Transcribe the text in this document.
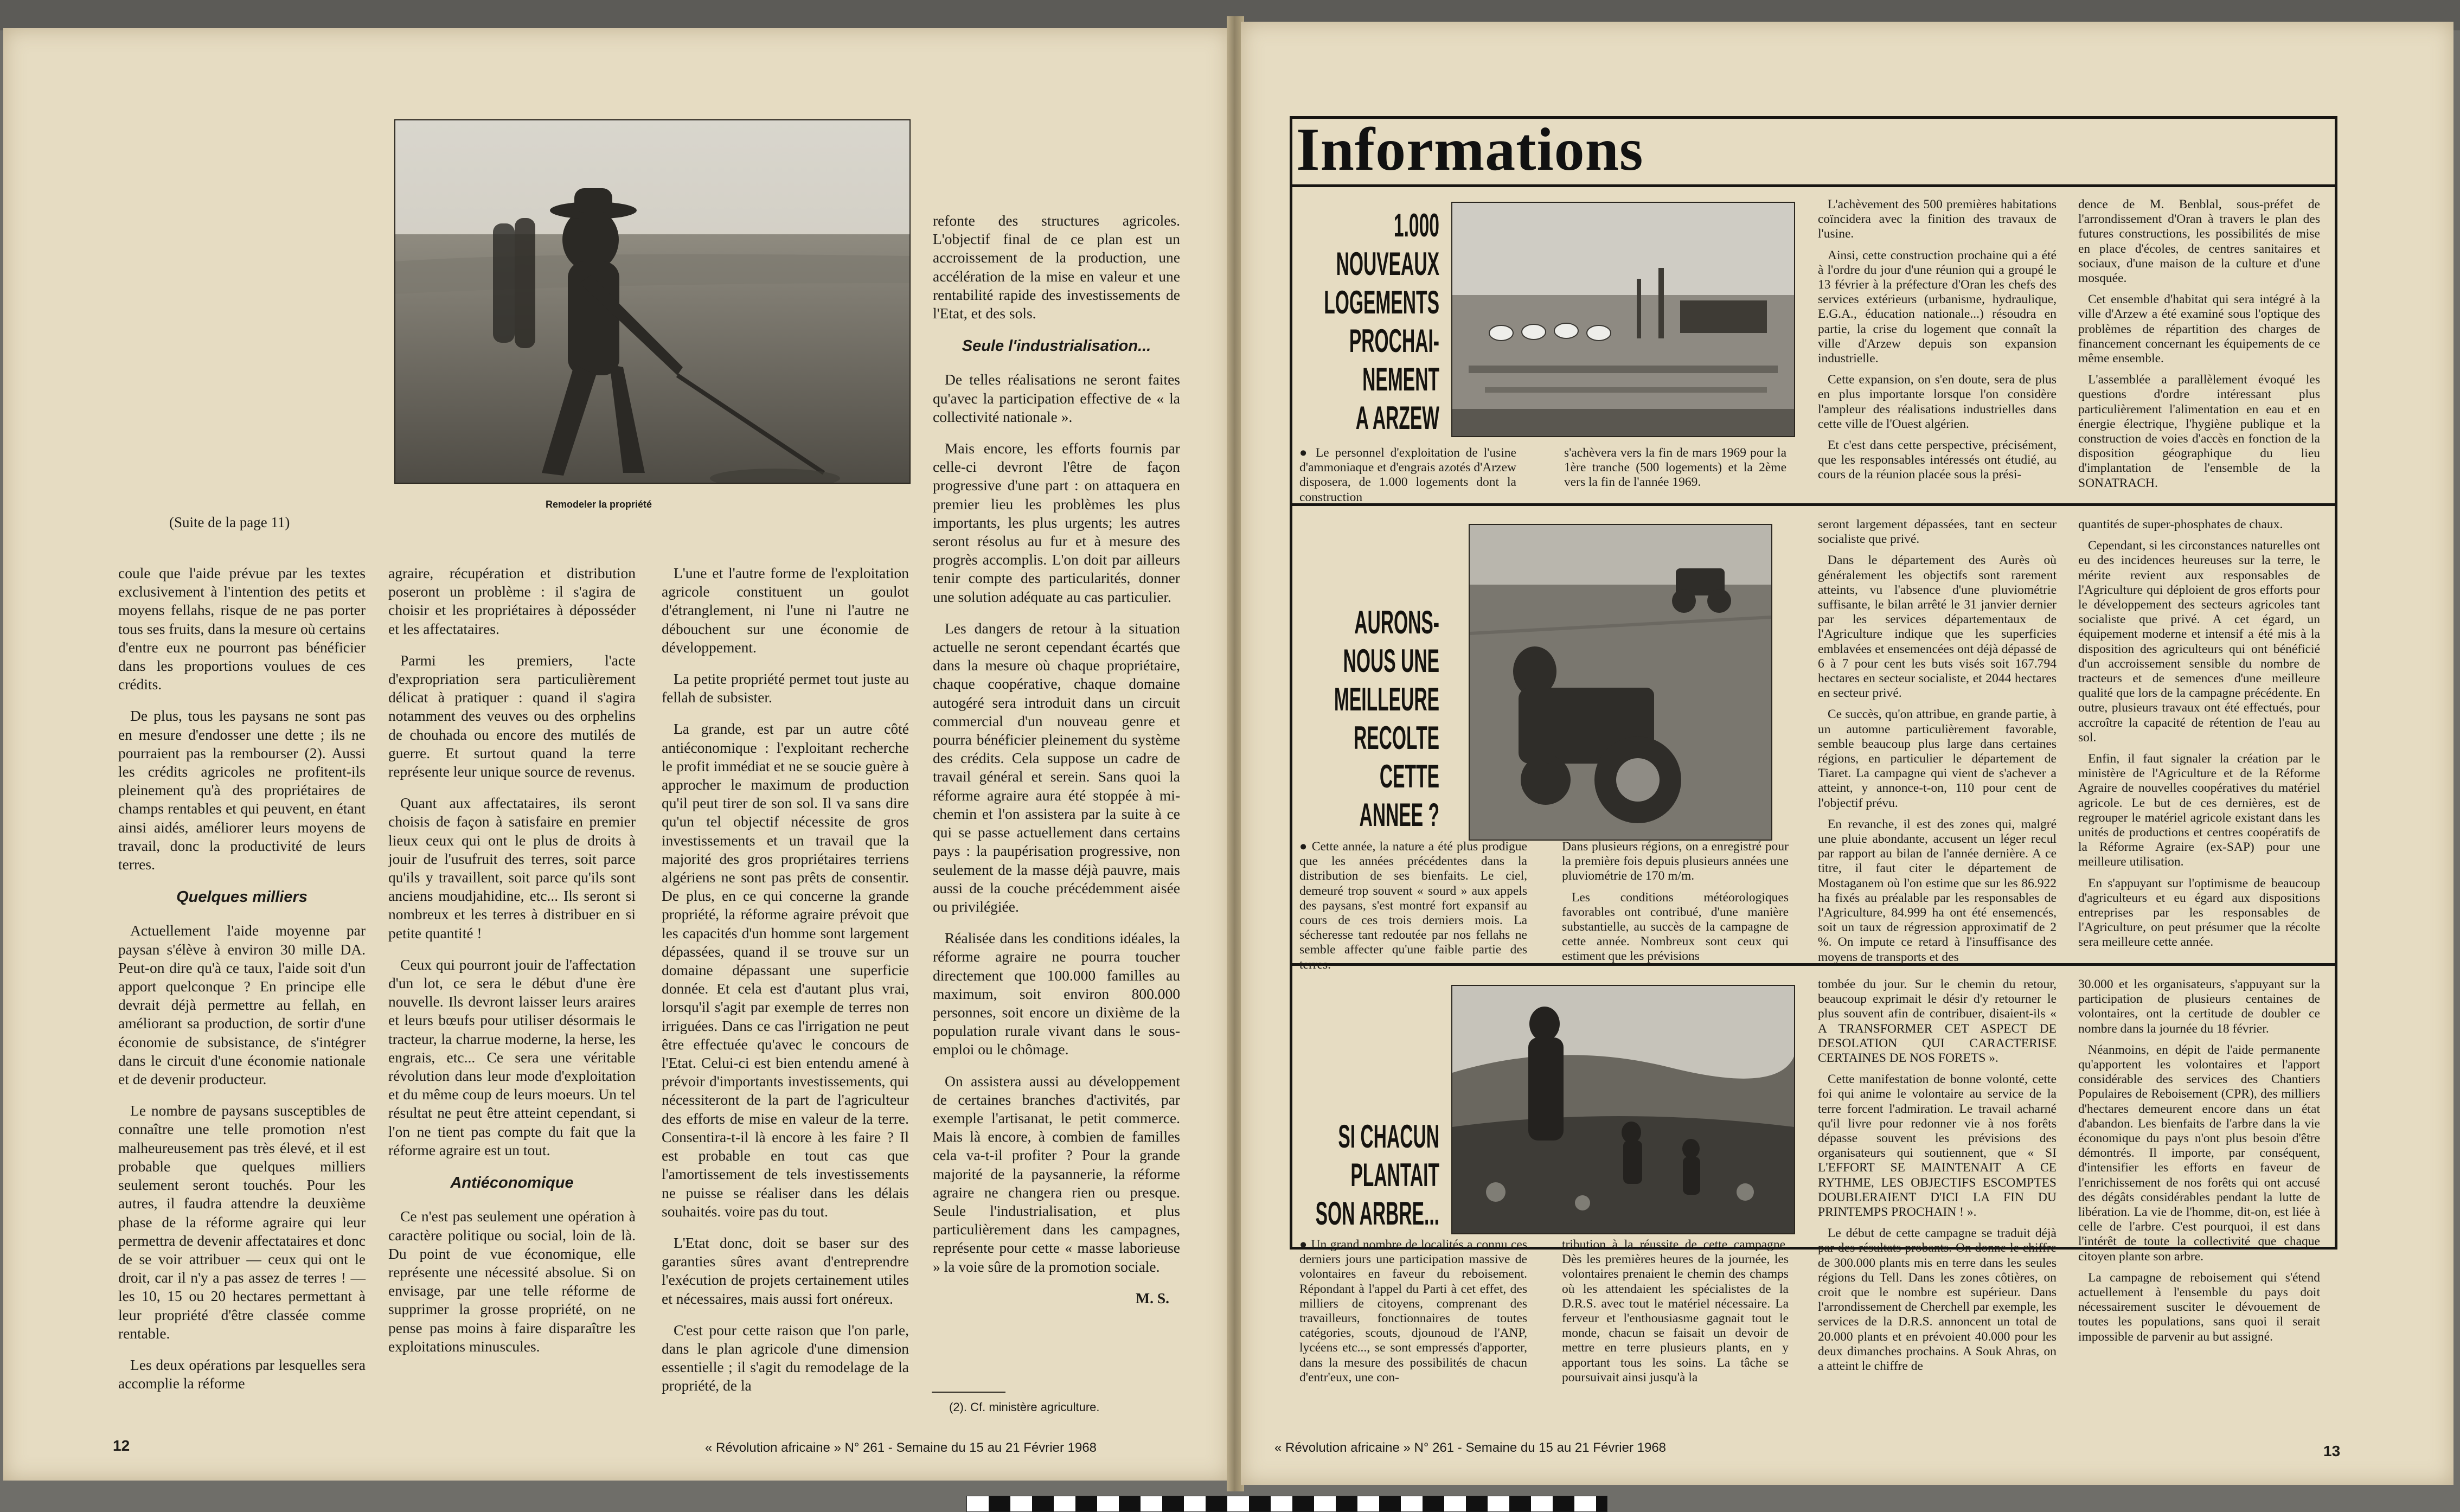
Remodeler la propriété
(Suite de la page 11)

coule que l'aide prévue par les textes exclusivement à l'intention des petits et moyens fellahs, risque de ne pas porter tous ses fruits, dans la mesure où certains d'entre eux ne pourront pas bénéficier dans les proportions voulues de ces crédits.

De plus, tous les paysans ne sont pas en mesure d'endosser une dette ; ils ne pourraient pas la rembourser (2). Aussi les crédits agricoles ne profitent-ils pleinement qu'à des propriétaires de champs rentables et qui peuvent, en étant ainsi aidés, améliorer leurs moyens de travail, donc la productivité de leurs terres.

Quelques milliers

Actuellement l'aide moyenne par paysan s'élève à environ 30 mille DA. Peut-on dire qu'à ce taux, l'aide soit d'un apport quelconque ? En principe elle devrait déjà permettre au fellah, en améliorant sa production, de sortir d'une économie de subsistance, de s'intégrer dans le circuit d'une économie nationale et de devenir producteur.

Le nombre de paysans susceptibles de connaître une telle promotion n'est malheureusement pas très élevé, et il est probable que quelques milliers seulement seront touchés. Pour les autres, il faudra attendre la deuxième phase de la réforme agraire qui leur permettra de devenir affectataires et donc de se voir attribuer — ceux qui ont le droit, car il n'y a pas assez de terres ! — les 10, 15 ou 20 hectares permettant à leur propriété d'être classée comme rentable.

Les deux opérations par lesquelles sera accomplie la réforme

agraire, récupération et distribution poseront un problème : il s'agira de choisir et les propriétaires à déposséder et les affectataires.

Parmi les premiers, l'acte d'expropriation sera particulièrement délicat à pratiquer : quand il s'agira notamment des veuves ou des orphelins de chouhada ou encore des mutilés de guerre. Et surtout quand la terre représente leur unique source de revenus.

Quant aux affectataires, ils seront choisis de façon à satisfaire en premier lieux ceux qui ont le plus de droits à jouir de l'usufruit des terres, soit parce qu'ils y travaillent, soit parce qu'ils sont anciens moudjahidine, etc... Ils seront si nombreux et les terres à distribuer en si petite quantité !

Ceux qui pourront jouir de l'affectation d'un lot, ce sera le début d'une ère nouvelle. Ils devront laisser leurs araires et leurs bœufs pour utiliser désormais le tracteur, la charrue moderne, la herse, les engrais, etc... Ce sera une véritable révolution dans leur mode d'exploitation et du même coup de leurs moeurs. Un tel résultat ne peut être atteint cependant, si l'on ne tient pas compte du fait que la réforme agraire est un tout.

Antiéconomique

Ce n'est pas seulement une opération à caractère politique ou social, loin de là. Du point de vue économique, elle représente une nécessité absolue. Si on envisage, par une telle réforme de supprimer la grosse propriété, on ne pense pas moins à faire disparaître les exploitations minuscules.

L'une et l'autre forme de l'exploitation agricole constituent un goulot d'étranglement, ni l'une ni l'autre ne débouchent sur une économie de développement.

La petite propriété permet tout juste au fellah de subsister.

La grande, est par un autre côté antiéconomique : l'exploitant recherche le profit immédiat et ne se soucie guère à approcher le maximum de production qu'il peut tirer de son sol. Il va sans dire qu'un tel objectif nécessite de gros investissements et un travail que la majorité des gros propriétaires terriens algériens ne sont pas prêts de consentir. De plus, en ce qui concerne la grande propriété, la réforme agraire prévoit que les capacités d'un homme sont largement dépassées, quand il se trouve sur un domaine dépassant une superficie donnée. Et cela est d'autant plus vrai, lorsqu'il s'agit par exemple de terres non irriguées. Dans ce cas l'irrigation ne peut être effectuée qu'avec le concours de l'Etat. Celui-ci est bien entendu amené à prévoir d'importants investissements, qui nécessiteront de la part de l'agriculteur des efforts de mise en valeur de la terre. Consentira-t-il là encore à les faire ? Il est probable en tout cas que l'amortissement de tels investissements ne puisse se réaliser dans les délais souhaités. voire pas du tout.

L'Etat donc, doit se baser sur des garanties sûres avant d'entreprendre l'exécution de projets certainement utiles et nécessaires, mais aussi fort onéreux.

C'est pour cette raison que l'on parle, dans le plan agricole d'une dimension essentielle ; il s'agit du remodelage de la propriété, de la

refonte des structures agricoles. L'objectif final de ce plan est un accroissement de la production, une accélération de la mise en valeur et une rentabilité rapide des investissements de l'Etat, et des sols.

Seule l'industrialisation...

De telles réalisations ne seront faites qu'avec la participation effective de « la collectivité nationale ».

Mais encore, les efforts fournis par celle-ci devront l'être de façon progressive d'une part : on attaquera en premier lieu les problèmes les plus importants, les plus urgents; les autres seront résolus au fur et à mesure des progrès accomplis. L'on doit par ailleurs tenir compte des particularités, donner une solution adéquate au cas particulier.

Les dangers de retour à la situation actuelle ne seront cependant écartés que dans la mesure où chaque propriétaire, chaque coopérative, chaque domaine autogéré sera introduit dans un circuit commercial d'un nouveau genre et pourra bénéficier pleinement du système des crédits. Cela suppose un cadre de travail général et serein. Sans quoi la réforme agraire aura été stoppée à mi-chemin et l'on assistera par la suite à ce qui se passe actuellement dans certains pays : la paupérisation progressive, non seulement de la masse déjà pauvre, mais aussi de la couche précédemment aisée ou privilégiée.

Réalisée dans les conditions idéales, la réforme agraire ne pourra toucher directement que 100.000 familles au maximum, soit environ 800.000 personnes, soit encore un dixième de la population rurale vivant dans le sous-emploi ou le chômage.

On assistera aussi au développement de certaines branches d'activités, par exemple l'artisanat, le petit commerce. Mais là encore, à combien de familles cela va-t-il profiter ? Pour la grande majorité de la paysannerie, la réforme agraire ne changera rien ou presque. Seule l'industrialisation, et plus particulièrement dans les campagnes, représente pour cette « masse laborieuse » la voie sûre de la promotion sociale.

M. S.
(2). Cf. ministère agriculture.
12	« Révolution africaine » N° 261 - Semaine du 15 au 21 Février 1968
Informations
1.000
NOUVEAUX
LOGEMENTS
PROCHAI-
NEMENT
A ARZEW
● Le personnel d'exploitation de l'usine d'ammoniaque et d'engrais azotés d'Arzew disposera, de 1.000 logements dont la construction
s'achèvera vers la fin de mars 1969 pour la 1ère tranche (500 logements) et la 2ème vers la fin de l'année 1969.

L'achèvement des 500 premières habitations coïncidera avec la finition des travaux de l'usine.

Ainsi, cette construction prochaine qui a été à l'ordre du jour d'une réunion qui a groupé le 13 février à la préfecture d'Oran les chefs des services extérieurs (urbanisme, hydraulique, E.G.A., éducation nationale...) résoudra en partie, la crise du logement que connaît la ville d'Arzew depuis son expansion industrielle.

Cette expansion, on s'en doute, sera de plus en plus importante lorsque l'on considère l'ampleur des réalisations industrielles dans cette ville de l'Ouest algérien.

Et c'est dans cette perspective, précisément, que les responsables intéressés ont étudié, au cours de la réunion placée sous la prési-

dence de M. Benblal, sous-préfet de l'arrondissement d'Oran à travers le plan des futures constructions, les possibilités de mise en place d'écoles, de centres sanitaires et sociaux, d'une maison de la culture et d'une mosquée.

Cet ensemble d'habitat qui sera intégré à la ville d'Arzew a été examiné sous l'optique des problèmes de répartition des charges de financement concernant les équipements de ce même ensemble.

L'assemblée a parallèlement évoqué les questions d'ordre intéressant plus particulièrement l'alimentation en eau et en énergie électrique, l'hygiène publique et la construction de voies d'accès en fonction de la disposition géographique du lieu d'implantation de l'ensemble de la SONATRACH.

AURONS-
NOUS UNE
MEILLEURE
RECOLTE
CETTE
ANNEE ?
● Cette année, la nature a été plus prodigue que les années précédentes dans la distribution de ses bienfaits. Le ciel, demeuré trop souvent « sourd » aux appels des paysans, s'est montré fort expansif au cours de ces trois derniers mois. La sécheresse tant redoutée par nos fellahs ne semble affecter qu'une faible partie des terres.

Dans plusieurs régions, on a enregistré pour la première fois depuis plusieurs années une pluviométrie de 170 m/m.

Les conditions météorologiques favorables ont contribué, d'une manière substantielle, au succès de la campagne de cette année. Nombreux sont ceux qui estiment que les prévisions

seront largement dépassées, tant en secteur socialiste que privé.

Dans le département des Aurès où généralement les objectifs sont rarement atteints, vu l'absence d'une pluviométrie suffisante, le bilan arrêté le 31 janvier dernier par les services départementaux de l'Agriculture indique que les superficies emblavées et ensemencées ont déjà dépassé de 6 à 7 pour cent les buts visés soit 167.794 hectares en secteur socialiste, et 2044 hectares en secteur privé.

Ce succès, qu'on attribue, en grande partie, à un automne particulièrement favorable, semble beaucoup plus large dans certaines régions, en particulier le département de Tiaret. La campagne qui vient de s'achever a atteint, y annonce-t-on, 110 pour cent de l'objectif prévu.

En revanche, il est des zones qui, malgré une pluie abondante, accusent un léger recul par rapport au bilan de l'année dernière. A ce titre, il faut citer le département de Mostaganem où l'on estime que sur les 86.922 ha fixés au préalable par les responsables de l'Agriculture, 84.999 ha ont été ensemencés, soit un taux de régression approximatif de 2 %. On impute ce retard à l'insuffisance des moyens de transports et des

quantités de super-phosphates de chaux.

Cependant, si les circonstances naturelles ont eu des incidences heureuses sur la terre, le mérite revient aux responsables de l'Agriculture qui déploient de gros efforts pour le développement des secteurs agricoles tant socialiste que privé. A cet égard, un équipement moderne et intensif a été mis à la disposition des agriculteurs qui ont bénéficié d'un accroissement sensible du nombre de tracteurs et de semences d'une meilleure qualité que lors de la campagne précédente. En outre, plusieurs travaux ont été effectués, pour accroître la capacité de rétention de l'eau au sol.

Enfin, il faut signaler la création par le ministère de l'Agriculture et de la Réforme Agraire de nouvelles coopératives du matériel agricole. Le but de ces dernières, est de regrouper le matériel agricole existant dans les unités de productions et centres coopératifs de la Réforme Agraire (ex-SAP) pour une meilleure utilisation.

En s'appuyant sur l'optimisme de beaucoup d'agriculteurs et eu égard aux dispositions entreprises par les responsables de l'Agriculture, on peut présumer que la récolte sera meilleure cette année.

SI CHACUN
PLANTAIT
SON ARBRE...
● Un grand nombre de localités a connu ces derniers jours une participation massive de volontaires en faveur du reboisement. Répondant à l'appel du Parti à cet effet, des milliers de citoyens, comprenant des travailleurs, fonctionnaires de toutes catégories, scouts, djounoud de l'ANP, lycéens etc..., se sont empressés d'apporter, dans la mesure des possibilités de chacun d'entr'eux, une con-
tribution à la réussite de cette campagne. Dès les premières heures de la journée, les volontaires prenaient le chemin des champs où les attendaient les spécialistes de la D.R.S. avec tout le matériel nécessaire. La ferveur et l'enthousiasme gagnait tout le monde, chacun se faisait un devoir de mettre en terre plusieurs plants, en y apportant tous les soins. La tâche se poursuivait ainsi jusqu'à la

tombée du jour. Sur le chemin du retour, beaucoup exprimait le désir d'y retourner le plus souvent afin de contribuer, disaient-ils « A TRANSFORMER CET ASPECT DE DESOLATION QUI CARACTERISE CERTAINES DE NOS FORETS ».

Cette manifestation de bonne volonté, cette foi qui anime le volontaire au service de la terre forcent l'admiration. Le travail acharné qu'il livre pour redonner vie à nos forêts dépasse souvent les prévisions des organisateurs qui soutiennent, que « SI L'EFFORT SE MAINTENAIT A CE RYTHME, LES OBJECTIFS ESCOMPTES DOUBLERAIENT D'ICI LA FIN DU PRINTEMPS PROCHAIN ! ».

Le début de cette campagne se traduit déjà par des résultats probants. On donne le chiffre de 300.000 plants mis en terre dans les seules régions du Tell. Dans les zones côtières, on croit que le nombre est supérieur. Dans l'arrondissement de Cherchell par exemple, les services de la D.R.S. annoncent un total de 20.000 plants et en prévoient 40.000 pour les deux dimanches prochains. A Souk Ahras, on a atteint le chiffre de

30.000 et les organisateurs, s'appuyant sur la participation de plusieurs centaines de volontaires, ont la certitude de doubler ce nombre dans la journée du 18 février.

Néanmoins, en dépit de l'aide permanente qu'apportent les volontaires et l'apport considérable des services des Chantiers Populaires de Reboisement (CPR), des milliers d'hectares demeurent encore dans un état d'abandon. Les bienfaits de l'arbre dans la vie économique du pays n'ont plus besoin d'être démontrés. Il importe, par conséquent, d'intensifier les efforts en faveur de l'enrichissement de nos forêts qui ont accusé des dégâts considérables pendant la lutte de libération. La vie de l'homme, dit-on, est liée à celle de l'arbre. C'est pourquoi, il est dans l'intérêt de toute la collectivité que chaque citoyen plante son arbre.

La campagne de reboisement qui s'étend actuellement à l'ensemble du pays doit nécessairement susciter le dévouement de toutes les populations, sans quoi il serait impossible de parvenir au but assigné.

« Révolution africaine » N° 261 - Semaine du 15 au 21 Février 1968	13
